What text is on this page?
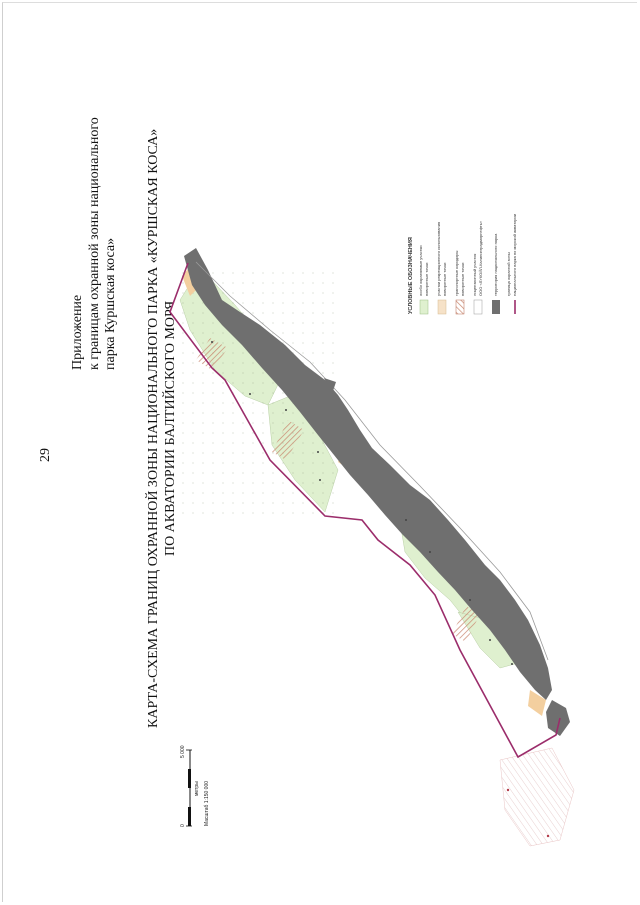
29
Приложение к границам охранной зоны национального парка Куршская коса» КАРТА-СХЕМА ГРАНИЦ ОХРАННОЙ ЗОНЫ НАЦИОНАЛЬНОГО ПАРКА «КУРШСКАЯ КОСА» ПО АКВАТОРИИ БАЛТИЙСКОГО МОРЯ
УСЛОВНЫЕ ОБОЗНАЧЕНИЯ особо охраняемые участки поворотные точки участки рекреационного использования поворотные точки транспортные коридоры поворотные точки лицензионный участок ООО «ЛУКОЙЛ-Калининградморнефть»	территория национального парка граница охранной зоны национального парка по морской акватории
0
5 000
метры Масштаб 1:150 000
